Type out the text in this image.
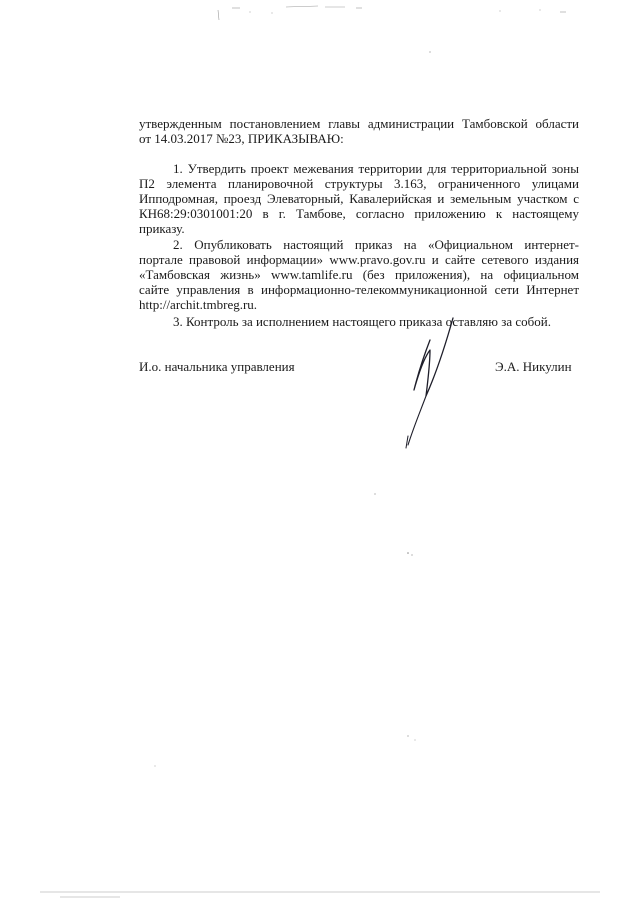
утвержденным постановлением главы администрации Тамбовской области
от 14.03.2017 №23, ПРИКАЗЫВАЮ:
1. Утвердить проект межевания территории для территориальной зоны
П2 элемента планировочной структуры 3.163, ограниченного улицами
Ипподромная, проезд Элеваторный, Кавалерийская и земельным участком с
КН68:29:0301001:20 в г. Тамбове, согласно приложению к настоящему
приказу.
2. Опубликовать настоящий приказ на «Официальном интернет-
портале правовой информации» www.pravo.gov.ru и сайте сетевого издания
«Тамбовская жизнь» www.tamlife.ru (без приложения), на официальном
сайте управления в информационно-телекоммуникационной сети Интернет
http://archit.tmbreg.ru.
3. Контроль за исполнением настоящего приказа оставляю за собой.
И.о. начальника управления	Э.А. Никулин
